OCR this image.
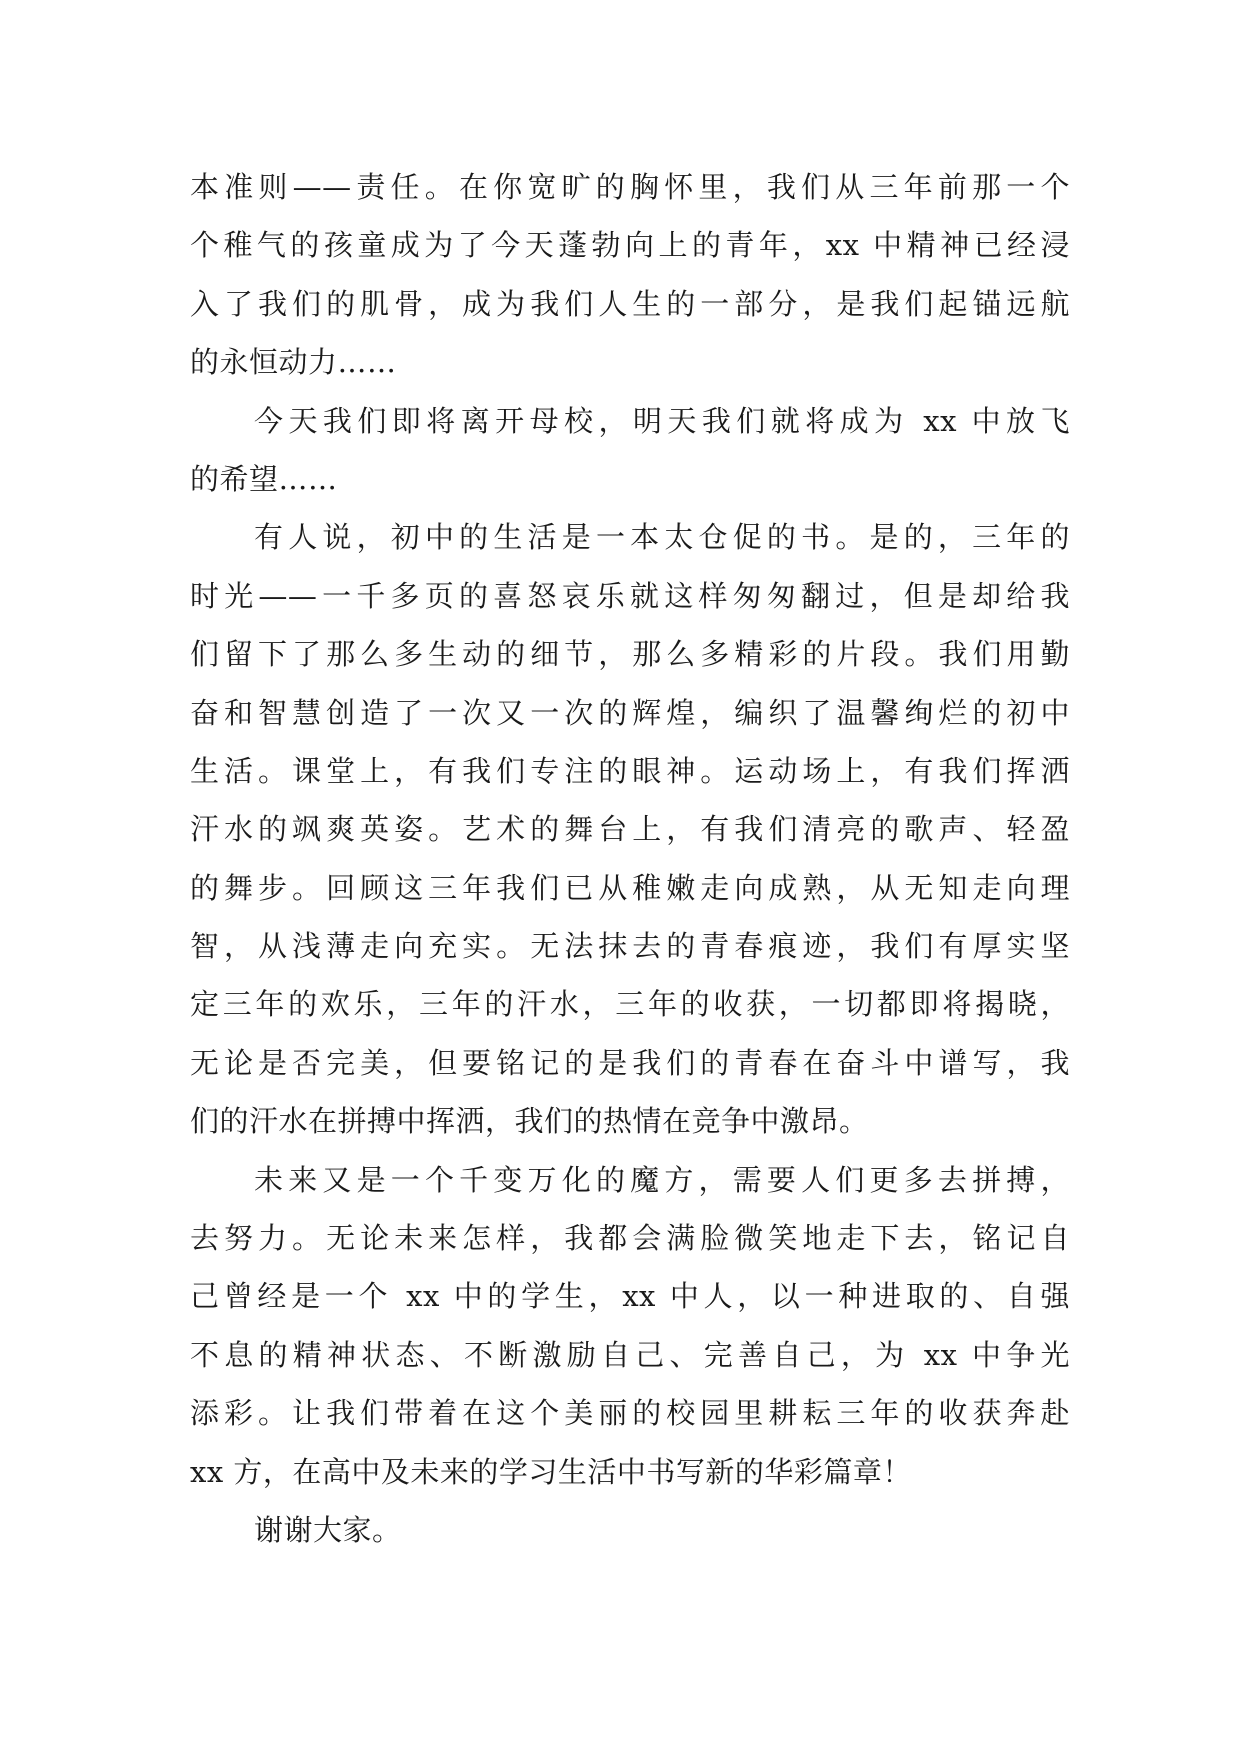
本准则——责任。在你宽旷的胸怀里，我们从三年前那一个
个稚气的孩童成为了今天蓬勃向上的青年，xx 中精神已经浸
入了我们的肌骨，成为我们人生的一部分，是我们起锚远航
的永恒动力……
今天我们即将离开母校，明天我们就将成为 xx 中放飞
的希望……
有人说，初中的生活是一本太仓促的书。是的，三年的
时光——一千多页的喜怒哀乐就这样匆匆翻过，但是却给我
们留下了那么多生动的细节，那么多精彩的片段。我们用勤
奋和智慧创造了一次又一次的辉煌，编织了温馨绚烂的初中
生活。课堂上，有我们专注的眼神。运动场上，有我们挥洒
汗水的飒爽英姿。艺术的舞台上，有我们清亮的歌声、轻盈
的舞步。回顾这三年我们已从稚嫩走向成熟，从无知走向理
智，从浅薄走向充实。无法抹去的青春痕迹，我们有厚实坚
定三年的欢乐，三年的汗水，三年的收获，一切都即将揭晓，
无论是否完美，但要铭记的是我们的青春在奋斗中谱写，我
们的汗水在拼搏中挥洒，我们的热情在竞争中激昂。
未来又是一个千变万化的魔方，需要人们更多去拼搏，
去努力。无论未来怎样，我都会满脸微笑地走下去，铭记自
己曾经是一个 xx 中的学生，xx 中人，以一种进取的、自强
不息的精神状态、不断激励自己、完善自己，为 xx 中争光
添彩。让我们带着在这个美丽的校园里耕耘三年的收获奔赴
xx 方，在高中及未来的学习生活中书写新的华彩篇章！
谢谢大家。
